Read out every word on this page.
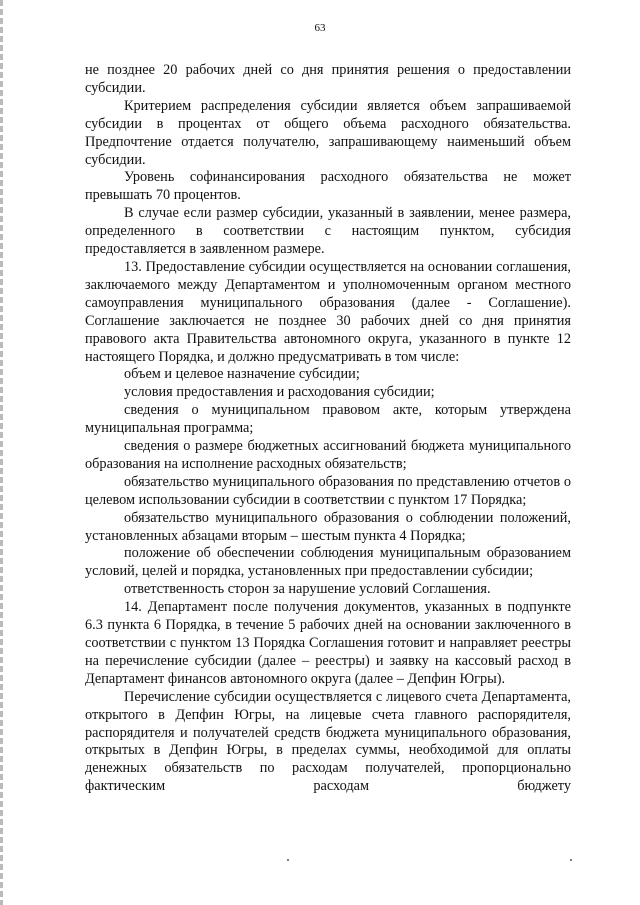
63

не позднее 20 рабочих дней со дня принятия решения о предоставлении субсидии.

Критерием распределения субсидии является объем запрашиваемой субсидии в процентах от общего объема расходного обязательства. Предпочтение отдается получателю, запрашивающему наименьший объем субсидии.

Уровень софинансирования расходного обязательства не может превышать 70 процентов.

В случае если размер субсидии, указанный в заявлении, менее размера, определенного в соответствии с настоящим пунктом, субсидия предоставляется в заявленном размере.

13. Предоставление субсидии осуществляется на основании соглашения, заключаемого между Департаментом и уполномоченным органом местного самоуправления муниципального образования (далее - Соглашение). Соглашение заключается не позднее 30 рабочих дней со дня принятия правового акта Правительства автономного округа, указанного в пункте 12 настоящего Порядка, и должно предусматривать в том числе:

объем и целевое назначение субсидии;

условия предоставления и расходования субсидии;

сведения о муниципальном правовом акте, которым утверждена муниципальная программа;

сведения о размере бюджетных ассигнований бюджета муниципального образования на исполнение расходных обязательств;

обязательство муниципального образования по представлению отчетов о целевом использовании субсидии в соответствии с пунктом 17 Порядка;

обязательство муниципального образования о соблюдении положений, установленных абзацами вторым – шестым пункта 4 Порядка;

положение об обеспечении соблюдения муниципальным образованием условий, целей и порядка, установленных при предоставлении субсидии;

ответственность сторон за нарушение условий Соглашения.

14. Департамент после получения документов, указанных в подпункте 6.3 пункта 6 Порядка, в течение 5 рабочих дней на основании заключенного в соответствии с пунктом 13 Порядка Соглашения готовит и направляет реестры на перечисление субсидии (далее – реестры) и заявку на кассовый расход в Департамент финансов автономного округа (далее – Депфин Югры).

Перечисление субсидии осуществляется с лицевого счета Департамента, открытого в Депфин Югры, на лицевые счета главного распорядителя, распорядителя и получателей средств бюджета муниципального образования, открытых в Депфин Югры, в пределах суммы, необходимой для оплаты денежных обязательств по расходам получателей, пропорционально фактическим расходам бюджету
